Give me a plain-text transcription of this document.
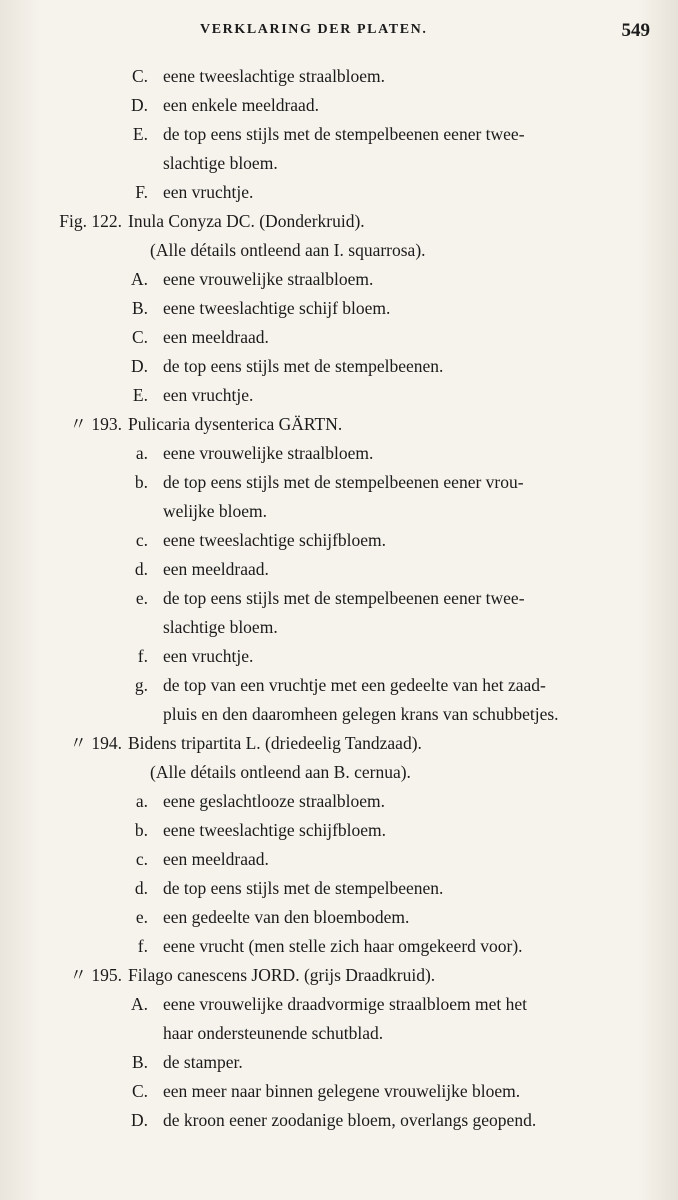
VERKLARING DER PLATEN.	549
C. eene tweeslachtige straalbloem.
D. een enkele meeldraad.
E. de top eens stijls met de stempelbeenen eener twee-
slachtige bloem.
F. een vruchtje.
Fig. 122. Inula Conyza DC. (Donderkruid).
(Alle détails ontleend aan I. squarrosa).
A. eene vrouwelijke straalbloem.
B. eene tweeslachtige schijf bloem.
C. een meeldraad.
D. de top eens stijls met de stempelbeenen.
E. een vruchtje.
〃 193. Pulicaria dysenterica GÄRTN.
a. eene vrouwelijke straalbloem.
b. de top eens stijls met de stempelbeenen eener vrou-
welijke bloem.
c. eene tweeslachtige schijfbloem.
d. een meeldraad.
e. de top eens stijls met de stempelbeenen eener twee-
slachtige bloem.
f. een vruchtje.
g. de top van een vruchtje met een gedeelte van het zaad-
pluis en den daaromheen gelegen krans van schubbetjes.
〃 194. Bidens tripartita L. (driedeelig Tandzaad).
(Alle détails ontleend aan B. cernua).
a. eene geslachtlooze straalbloem.
b. eene tweeslachtige schijfbloem.
c. een meeldraad.
d. de top eens stijls met de stempelbeenen.
e. een gedeelte van den bloembodem.
f. eene vrucht (men stelle zich haar omgekeerd voor).
〃 195. Filago canescens JORD. (grijs Draadkruid).
A. eene vrouwelijke draadvormige straalbloem met het
haar ondersteunende schutblad.
B. de stamper.
C. een meer naar binnen gelegene vrouwelijke bloem.
D. de kroon eener zoodanige bloem, overlangs geopend.
